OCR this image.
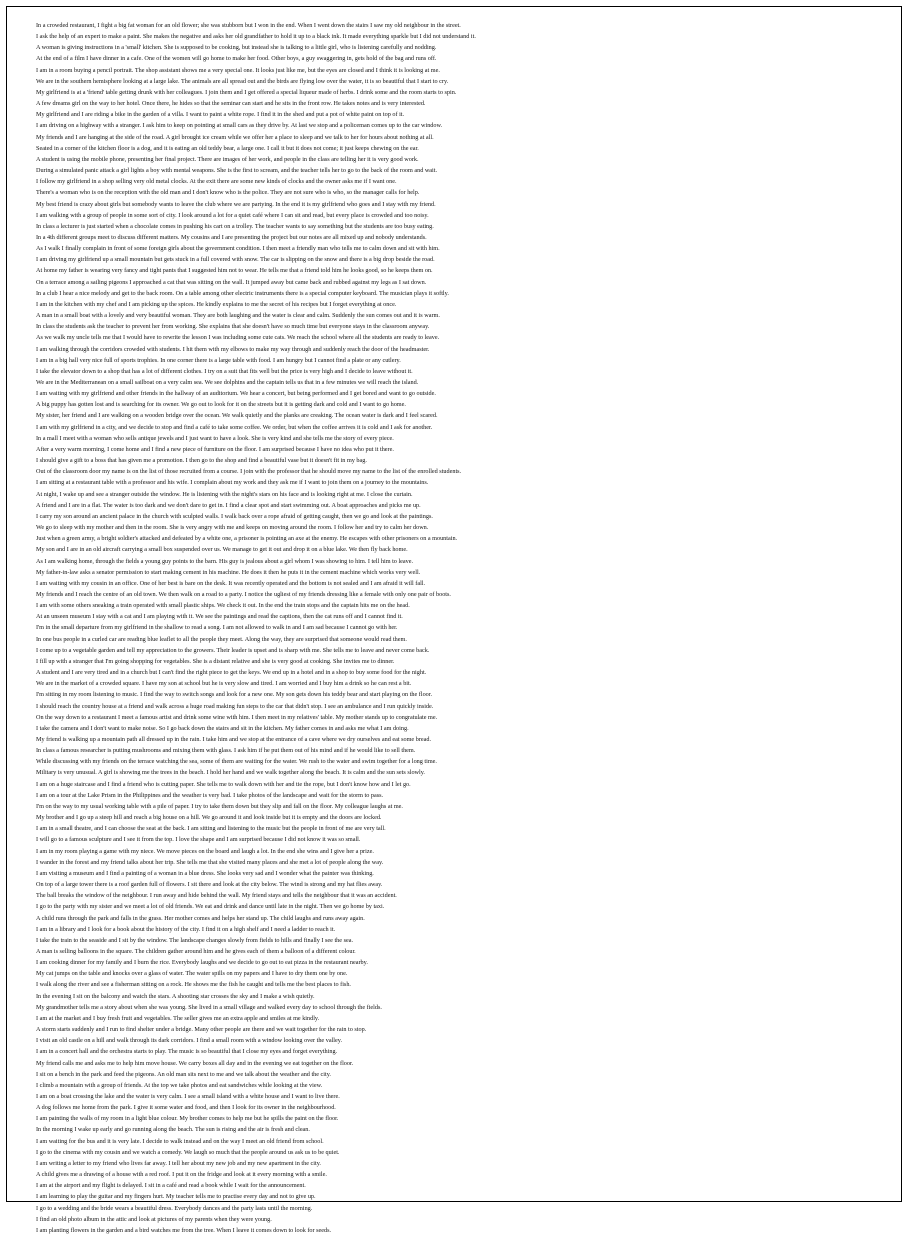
In a crowded restaurant, I fight a big fat woman for an old flower; she was stubborn but I won in the end. When I went down the stairs I saw my old neighbour in the street.
I ask the help of an expert to make a paint. She makes the negative and asks her old grandfather to hold it up to a black ink. It made everything sparkle but I did not understand it.
A woman is giving instructions in a 'small' kitchen. She is supposed to be cooking, but instead she is talking to a little girl, who is listening carefully and nodding.
At the end of a film I have dinner in a cafe. One of the women will go home to make her food. Other boys, a guy swaggering in, gets hold of the bag and runs off.
I am in a room buying a pencil portrait. The shop assistant shows me a very special one. It looks just like me, but the eyes are closed and I think it is looking at me.
We are in the southern hemisphere looking at a large lake. The animals are all spread out and the birds are flying low over the water, it is so beautiful that I start to cry.
My girlfriend is at a 'friend' table getting drunk with her colleagues. I join them and I get offered a special liqueur made of herbs. I drink some and the room starts to spin.
A few dreams girl on the way to her hotel. Once there, he hides so that the seminar can start and he sits in the front row. He takes notes and is very interested.
My girlfriend and I are riding a bike in the garden of a villa. I want to paint a white rope. I find it in the shed and put a pot of white paint on top of it.
I am driving on a highway with a stranger. I ask him to keep on pointing at small cars as they drive by. At last we stop and a policeman comes up to the car window.
My friends and I are hanging at the side of the road. A girl brought ice cream while we offer her a place to sleep and we talk to her for hours about nothing at all.
Seated in a corner of the kitchen floor is a dog, and it is eating an old teddy bear, a large one. I call it but it does not come; it just keeps chewing on the ear.
A student is using the mobile phone, presenting her final project. There are images of her work, and people in the class are telling her it is very good work.
During a simulated panic attack a girl lights a boy with mental weapons. She is the first to scream, and the teacher tells her to go to the back of the room and wait.
I follow my girlfriend in a shop selling very old metal clocks. At the exit there are some new kinds of clocks and the owner asks me if I want one.
There's a woman who is on the reception with the old man and I don't know who is the police. They are not sure who is who, so the manager calls for help.
My best friend is crazy about girls but somebody wants to leave the club where we are partying. In the end it is my girlfriend who goes and I stay with my friend.
I am walking with a group of people in some sort of city. I look around a lot for a quiet café where I can sit and read, but every place is crowded and too noisy.
In class a lecturer is just started when a chocolate comes in pushing his cart on a trolley. The teacher wants to say something but the students are too busy eating.
In a 4th different groups meet to discuss different matters. My cousins and I are presenting the project but our notes are all mixed up and nobody understands.
As I walk I finally complain in front of some foreign girls about the government condition. I then meet a friendly man who tells me to calm down and sit with him.
I am driving my girlfriend up a small mountain but gets stuck in a full covered with snow. The car is slipping on the snow and there is a big drop beside the road.
At home my father is wearing very fancy and tight pants that I suggested him not to wear. He tells me that a friend told him he looks good, so he keeps them on.
On a terrace among a sailing pigeons I approached a cat that was sitting on the wall. It jumped away but came back and rubbed against my legs as I sat down.
In a club I hear a nice melody and get to the back room. On a table among other electric instruments there is a special computer keyboard. The musician plays it softly.
I am in the kitchen with my chef and I am picking up the spices. He kindly explains to me the secret of his recipes but I forget everything at once.
A man in a small boat with a lovely and very beautiful woman. They are both laughing and the water is clear and calm. Suddenly the sun comes out and it is warm.
In class the students ask the teacher to prevent her from working. She explains that she doesn't have so much time but everyone stays in the classroom anyway.
As we walk my uncle tells me that I would have to rewrite the lesson I was including some cute cats. We reach the school where all the students are ready to leave.
I am walking through the corridors crowded with students. I hit them with my elbows to make my way through and suddenly reach the door of the headmaster.
I am in a big hall very nice full of sports trophies. In one corner there is a large table with food. I am hungry but I cannot find a plate or any cutlery.
I take the elevator down to a shop that has a lot of different clothes. I try on a suit that fits well but the price is very high and I decide to leave without it.
We are in the Mediterranean on a small sailboat on a very calm sea. We see dolphins and the captain tells us that in a few minutes we will reach the island.
I am waiting with my girlfriend and other friends in the hallway of an auditorium. We hear a concert, but being performed and I get bored and want to go outside.
A big puppy has gotten lost and is searching for its owner. We go out to look for it on the streets but it is getting dark and cold and I want to go home.
My sister, her friend and I are walking on a wooden bridge over the ocean. We walk quietly and the planks are creaking. The ocean water is dark and I feel scared.
I am with my girlfriend in a city, and we decide to stop and find a café to take some coffee. We order, but when the coffee arrives it is cold and I ask for another.
In a mall I meet with a woman who sells antique jewels and I just want to have a look. She is very kind and she tells me the story of every piece.
After a very warm morning, I come home and I find a new piece of furniture on the floor. I am surprised because I have no idea who put it there.
I should give a gift to a boss that has given me a promotion. I then go to the shop and find a beautiful vase but it doesn't fit in my bag.
Out of the classroom door my name is on the list of those recruited from a course. I join with the professor that he should move my name to the list of the enrolled students.
I am sitting at a restaurant table with a professor and his wife. I complain about my work and they ask me if I want to join them on a journey to the mountains.
At night, I wake up and see a stranger outside the window. He is listening with the night's stars on his face and is looking right at me. I close the curtain.
A friend and I are in a flat. The water is too dark and we don't dare to get in. I find a clear spot and start swimming out. A boat approaches and picks me up.
I carry my son around an ancient palace in the church with sculpted walls. I walk back over a rope afraid of getting caught, then we go and look at the paintings.
We go to sleep with my mother and then in the room. She is very angry with me and keeps on moving around the room. I follow her and try to calm her down.
Just when a green army, a bright soldier's attacked and defeated by a white one, a prisoner is pointing an axe at the enemy. He escapes with other prisoners on a mountain.
My son and I are in an old aircraft carrying a small box suspended over us. We manage to get it out and drop it on a blue lake. We then fly back home.
As I am walking home, through the fields a young guy points to the barn. His guy is jealous about a girl whom I was showing to him. I tell him to leave.
My father-in-law asks a senator permission to start making cement in his machine. He does it then he puts it in the cement machine which works very well.
I am waiting with my cousin in an office. One of her best is bare on the desk. It was recently operated and the bottom is not sealed and I am afraid it will fall.
My friends and I reach the centre of an old town. We then walk on a road to a party. I notice the ugliest of my friends dressing like a female with only one pair of boots.
I am with some others sneaking a train operated with small plastic ships. We check it out. In the end the train stops and the captain hits me on the head.
At an unseen museum I stay with a cat and I am playing with it. We see the paintings and read the captions, then the cat runs off and I cannot find it.
I'm in the small departure from my girlfriend in the shallow to read a song. I am not allowed to walk in and I am sad because I cannot go with her.
In one bus people in a curled car are reading blue leaflet to all the people they meet. Along the way, they are surprised that someone would read them.
I come up to a vegetable garden and tell my appreciation to the growers. Their leader is upset and is sharp with me. She tells me to leave and never come back.
I fill up with a stranger that I'm going shopping for vegetables. She is a distant relative and she is very good at cooking. She invites me to dinner.
A student and I are very tired and in a church but I can't find the right piece to get the keys. We end up in a hotel and in a shop to buy some food for the night.
We are in the market of a crowded square. I have my son at school but he is very slow and tired. I am worried and I buy him a drink so he can rest a bit.
I'm sitting in my room listening to music. I find the way to switch songs and look for a new one. My son gets down his teddy bear and start playing on the floor.
I should reach the country house at a friend and walk across a huge road making fun steps to the car that didn't stop. I see an ambulance and I run quickly inside.
On the way down to a restaurant I meet a famous artist and drink some wine with him. I then meet in my relatives' table. My mother stands up to congratulate me.
I take the camera and I don't want to make noise. So I go back down the stairs and sit in the kitchen. My father comes in and asks me what I am doing.
My friend is walking up a mountain path all dressed up in the rain. I take him and we stop at the entrance of a cave where we dry ourselves and eat some bread.
In class a famous researcher is putting mushrooms and mixing them with glass. I ask him if he put them out of his mind and if he would like to sell them.
While discussing with my friends on the terrace watching the sea, some of them are waiting for the water. We rush to the water and swim together for a long time.
Military is very unusual. A girl is showing me the trees in the beach. I hold her hand and we walk together along the beach. It is calm and the sun sets slowly.
I am on a huge staircase and I find a friend who is cutting paper. She tells me to walk down with her and tie the rope, but I don't know how and I let go.
I am on a tour at the Lake Prism in the Philippines and the weather is very bad. I take photos of the landscape and wait for the storm to pass.
I'm on the way to my usual working table with a pile of paper. I try to take them down but they slip and fall on the floor. My colleague laughs at me.
My brother and I go up a steep hill and reach a big house on a hill. We go around it and look inside but it is empty and the doors are locked.
I am in a small theatre, and I can choose the seat at the back. I am sitting and listening to the music but the people in front of me are very tall.
I will go to a famous sculpture and I see it from the top. I love the shape and I am surprised because I did not know it was so small.
I am in my room playing a game with my niece. We move pieces on the board and laugh a lot. In the end she wins and I give her a prize.
I wander in the forest and my friend talks about her trip. She tells me that she visited many places and she met a lot of people along the way.
I am visiting a museum and I find a painting of a woman in a blue dress. She looks very sad and I wonder what the painter was thinking.
On top of a large tower there is a roof garden full of flowers. I sit there and look at the city below. The wind is strong and my hat flies away.
The ball breaks the window of the neighbour. I run away and hide behind the wall. My friend stays and tells the neighbour that it was an accident.
I go to the party with my sister and we meet a lot of old friends. We eat and drink and dance until late in the night. Then we go home by taxi.
A child runs through the park and falls in the grass. Her mother comes and helps her stand up. The child laughs and runs away again.
I am in a library and I look for a book about the history of the city. I find it on a high shelf and I need a ladder to reach it.
I take the train to the seaside and I sit by the window. The landscape changes slowly from fields to hills and finally I see the sea.
A man is selling balloons in the square. The children gather around him and he gives each of them a balloon of a different colour.
I am cooking dinner for my family and I burn the rice. Everybody laughs and we decide to go out to eat pizza in the restaurant nearby.
My cat jumps on the table and knocks over a glass of water. The water spills on my papers and I have to dry them one by one.
I walk along the river and see a fisherman sitting on a rock. He shows me the fish he caught and tells me the best places to fish.
In the evening I sit on the balcony and watch the stars. A shooting star crosses the sky and I make a wish quietly.
My grandmother tells me a story about when she was young. She lived in a small village and walked every day to school through the fields.
I am at the market and I buy fresh fruit and vegetables. The seller gives me an extra apple and smiles at me kindly.
A storm starts suddenly and I run to find shelter under a bridge. Many other people are there and we wait together for the rain to stop.
I visit an old castle on a hill and walk through its dark corridors. I find a small room with a window looking over the valley.
I am in a concert hall and the orchestra starts to play. The music is so beautiful that I close my eyes and forget everything.
My friend calls me and asks me to help him move house. We carry boxes all day and in the evening we eat together on the floor.
I sit on a bench in the park and feed the pigeons. An old man sits next to me and we talk about the weather and the city.
I climb a mountain with a group of friends. At the top we take photos and eat sandwiches while looking at the view.
I am on a boat crossing the lake and the water is very calm. I see a small island with a white house and I want to live there.
A dog follows me home from the park. I give it some water and food, and then I look for its owner in the neighbourhood.
I am painting the walls of my room in a light blue colour. My brother comes to help me but he spills the paint on the floor.
In the morning I wake up early and go running along the beach. The sun is rising and the air is fresh and clean.
I am waiting for the bus and it is very late. I decide to walk instead and on the way I meet an old friend from school.
I go to the cinema with my cousin and we watch a comedy. We laugh so much that the people around us ask us to be quiet.
I am writing a letter to my friend who lives far away. I tell her about my new job and my new apartment in the city.
A child gives me a drawing of a house with a red roof. I put it on the fridge and look at it every morning with a smile.
I am at the airport and my flight is delayed. I sit in a café and read a book while I wait for the announcement.
I am learning to play the guitar and my fingers hurt. My teacher tells me to practise every day and not to give up.
I go to a wedding and the bride wears a beautiful dress. Everybody dances and the party lasts until the morning.
I find an old photo album in the attic and look at pictures of my parents when they were young.
I am planting flowers in the garden and a bird watches me from the tree. When I leave it comes down to look for seeds.
